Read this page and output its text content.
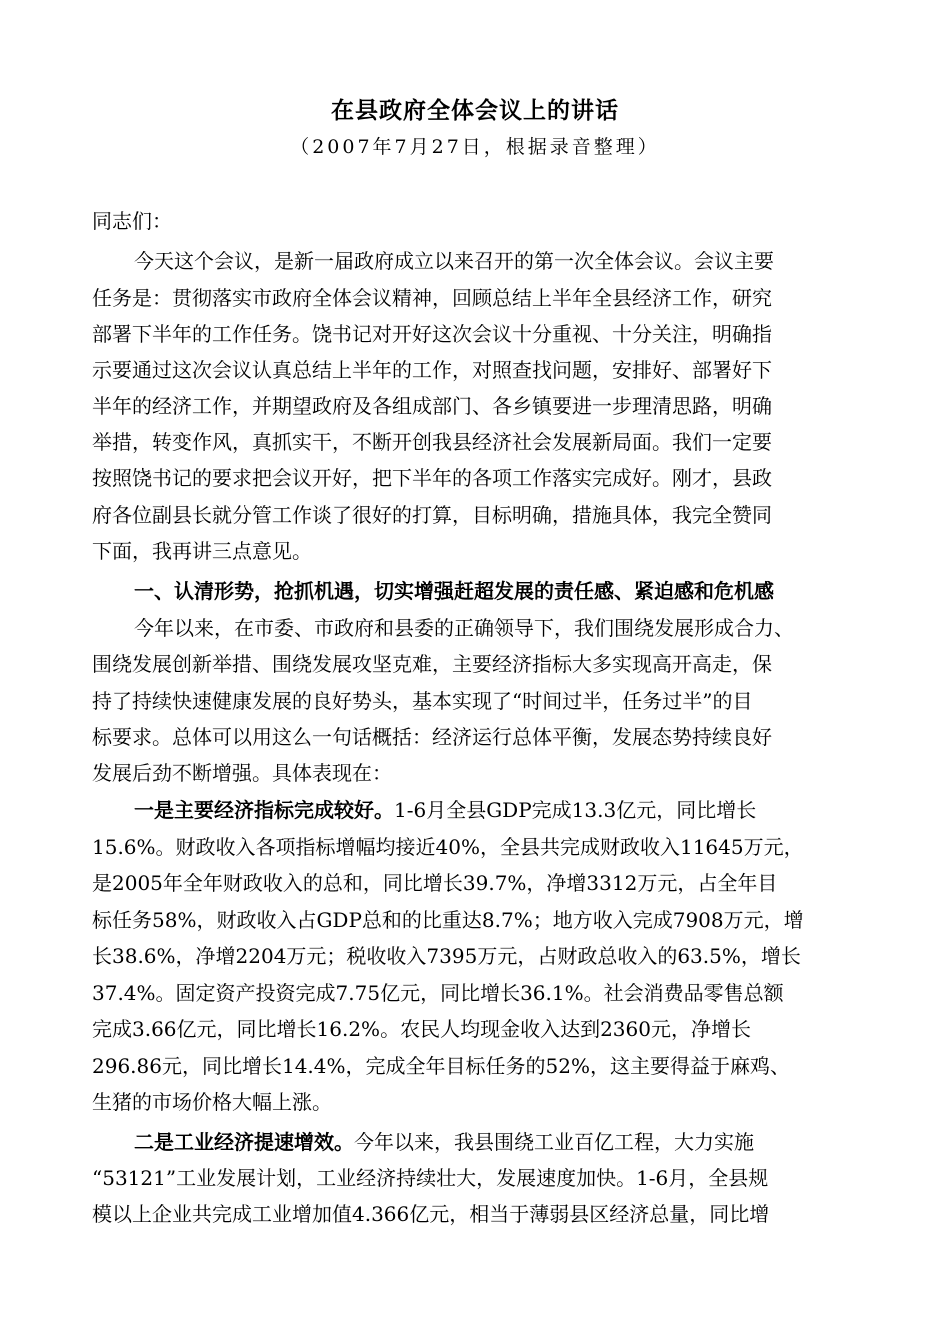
在县政府全体会议上的讲话
（2007年7月27日，根据录音整理）
同志们：
今天这个会议，是新一届政府成立以来召开的第一次全体会议。会议主要
任务是：贯彻落实市政府全体会议精神，回顾总结上半年全县经济工作，研究
部署下半年的工作任务。饶书记对开好这次会议十分重视、十分关注，明确指
示要通过这次会议认真总结上半年的工作，对照查找问题，安排好、部署好下
半年的经济工作，并期望政府及各组成部门、各乡镇要进一步理清思路，明确
举措，转变作风，真抓实干，不断开创我县经济社会发展新局面。我们一定要
按照饶书记的要求把会议开好，把下半年的各项工作落实完成好。刚才，县政
府各位副县长就分管工作谈了很好的打算，目标明确，措施具体，我完全赞同
下面，我再讲三点意见。
一、认清形势，抢抓机遇，切实增强赶超发展的责任感、紧迫感和危机感
今年以来，在市委、市政府和县委的正确领导下，我们围绕发展形成合力、
围绕发展创新举措、围绕发展攻坚克难，主要经济指标大多实现高开高走，保
持了持续快速健康发展的良好势头，基本实现了“时间过半，任务过半”的目
标要求。总体可以用这么一句话概括：经济运行总体平衡，发展态势持续良好
发展后劲不断增强。具体表现在：
一是主要经济指标完成较好。1-6月全县GDP完成13.3亿元，同比增长
15.6%。财政收入各项指标增幅均接近40%，全县共完成财政收入11645万元，
是2005年全年财政收入的总和，同比增长39.7%，净增3312万元，占全年目
标任务58%，财政收入占GDP总和的比重达8.7%；地方收入完成7908万元，增
长38.6%，净增2204万元；税收收入7395万元，占财政总收入的63.5%，增长
37.4%。固定资产投资完成7.75亿元，同比增长36.1%。社会消费品零售总额
完成3.66亿元，同比增长16.2%。农民人均现金收入达到2360元，净增长
296.86元，同比增长14.4%，完成全年目标任务的52%，这主要得益于麻鸡、
生猪的市场价格大幅上涨。
二是工业经济提速增效。今年以来，我县围绕工业百亿工程，大力实施
“53121”工业发展计划，工业经济持续壮大，发展速度加快。1-6月，全县规
模以上企业共完成工业增加值4.366亿元，相当于薄弱县区经济总量，同比增
